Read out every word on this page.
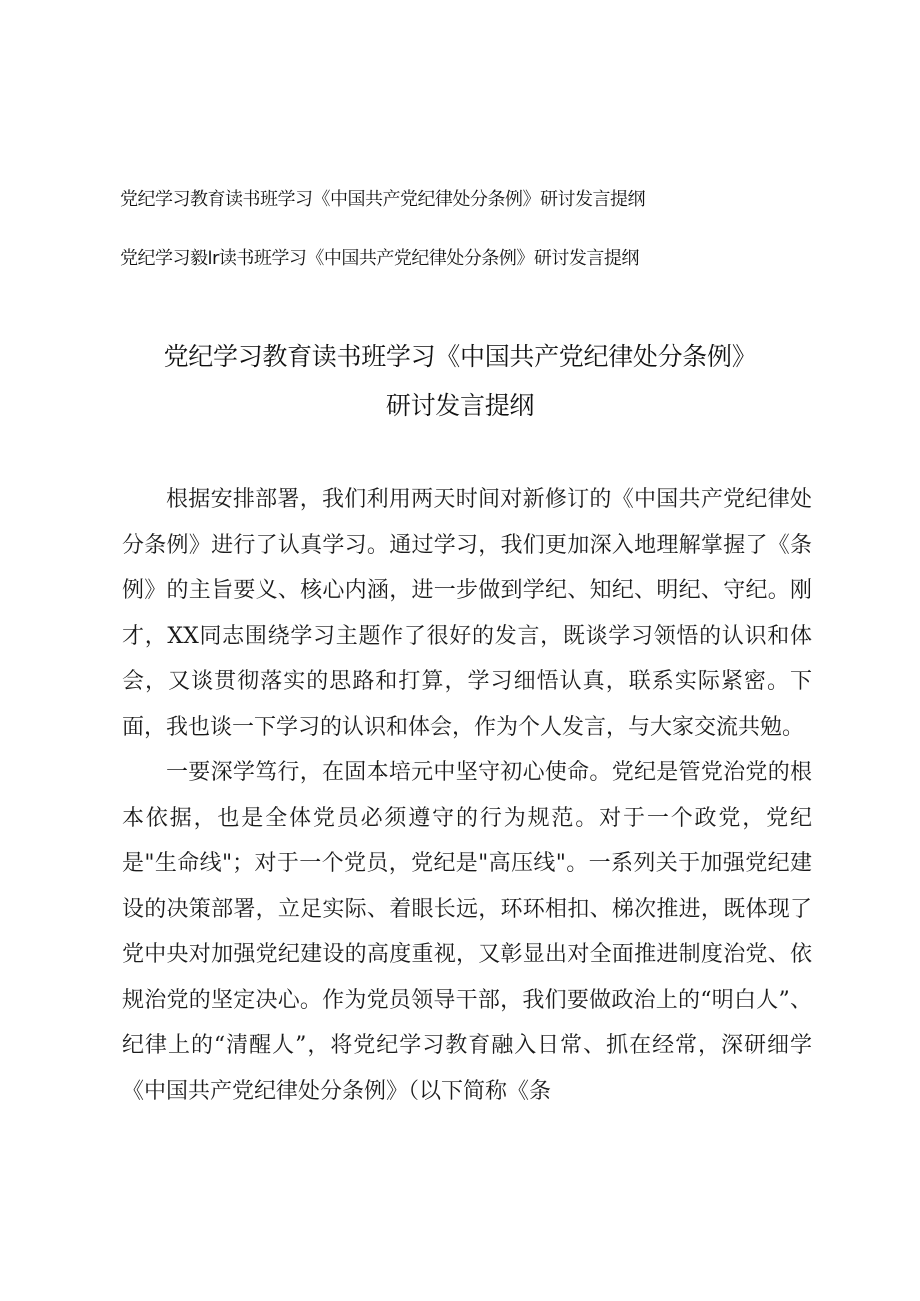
党纪学习教育读书班学习《中国共产党纪律处分条例》研讨发言提纲
党纪学习毅lr读书班学习《中国共产党纪律处分条例》研讨发言提纲
党纪学习教育读书班学习《中国共产党纪律处分条例》
研讨发言提纲

根据安排部署，我们利用两天时间对新修订的《中国共产党纪律处分条例》进行了认真学习。通过学习，我们更加深入地理解掌握了《条例》的主旨要义、核心内涵，进一步做到学纪、知纪、明纪、守纪。刚才，XX同志围绕学习主题作了很好的发言，既谈学习领悟的认识和体会，又谈贯彻落实的思路和打算，学习细悟认真，联系实际紧密。下面，我也谈一下学习的认识和体会，作为个人发言，与大家交流共勉。

一要深学笃行，在固本培元中坚守初心使命。党纪是管党治党的根本依据，也是全体党员必须遵守的行为规范。对于一个政党，党纪是"生命线"；对于一个党员，党纪是"高压线"。一系列关于加强党纪建设的决策部署，立足实际、着眼长远，环环相扣、梯次推进，既体现了党中央对加强党纪建设的高度重视，又彰显出对全面推进制度治党、依规治党的坚定决心。作为党员领导干部，我们要做政治上的“明白人”、纪律上的“清醒人”，将党纪学习教育融入日常、抓在经常，深研细学《中国共产党纪律处分条例》（以下简称《条
